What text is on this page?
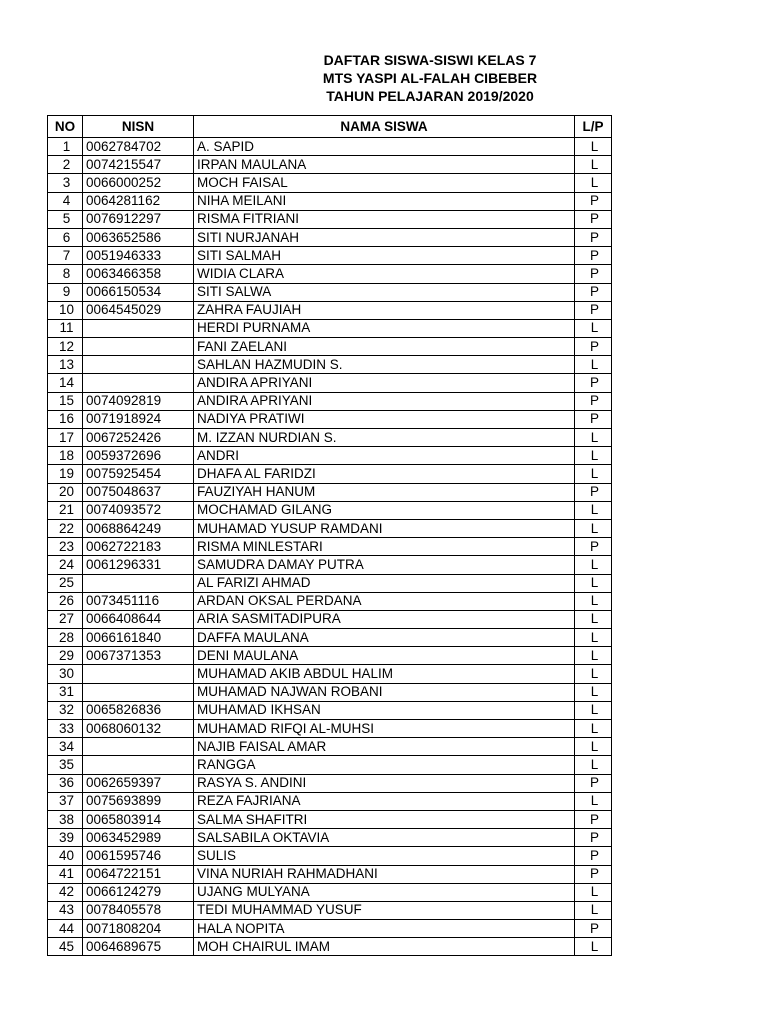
DAFTAR SISWA-SISWI KELAS 7
MTS YASPI AL-FALAH CIBEBER
TAHUN PELAJARAN 2019/2020
NO	NISN	NAMA SISWA	L/P
1	0062784702	A. SAPID	L
2	0074215547	IRPAN MAULANA	L
3	0066000252	MOCH FAISAL	L
4	0064281162	NIHA MEILANI	P
5	0076912297	RISMA FITRIANI	P
6	0063652586	SITI NURJANAH	P
7	0051946333	SITI SALMAH	P
8	0063466358	WIDIA CLARA	P
9	0066150534	SITI SALWA	P
10	0064545029	ZAHRA FAUJIAH	P
11		HERDI PURNAMA	L
12		FANI ZAELANI	P
13		SAHLAN HAZMUDIN S.	L
14		ANDIRA APRIYANI	P
15	0074092819	ANDIRA APRIYANI	P
16	0071918924	NADIYA PRATIWI	P
17	0067252426	M. IZZAN NURDIAN S.	L
18	0059372696	ANDRI	L
19	0075925454	DHAFA AL FARIDZI	L
20	0075048637	FAUZIYAH HANUM	P
21	0074093572	MOCHAMAD GILANG	L
22	0068864249	MUHAMAD YUSUP RAMDANI	L
23	0062722183	RISMA MINLESTARI	P
24	0061296331	SAMUDRA DAMAY PUTRA	L
25		AL FARIZI AHMAD	L
26	0073451116	ARDAN OKSAL PERDANA	L
27	0066408644	ARIA SASMITADIPURA	L
28	0066161840	DAFFA MAULANA	L
29	0067371353	DENI MAULANA	L
30		MUHAMAD AKIB ABDUL HALIM	L
31		MUHAMAD NAJWAN ROBANI	L
32	0065826836	MUHAMAD IKHSAN	L
33	0068060132	MUHAMAD RIFQI AL-MUHSI	L
34		NAJIB FAISAL AMAR	L
35		RANGGA	L
36	0062659397	RASYA S. ANDINI	P
37	0075693899	REZA FAJRIANA	L
38	0065803914	SALMA SHAFITRI	P
39	0063452989	SALSABILA OKTAVIA	P
40	0061595746	SULIS	P
41	0064722151	VINA NURIAH RAHMADHANI	P
42	0066124279	UJANG MULYANA	L
43	0078405578	TEDI MUHAMMAD YUSUF	L
44	0071808204	HALA NOPITA	P
45	0064689675	MOH CHAIRUL IMAM	L
